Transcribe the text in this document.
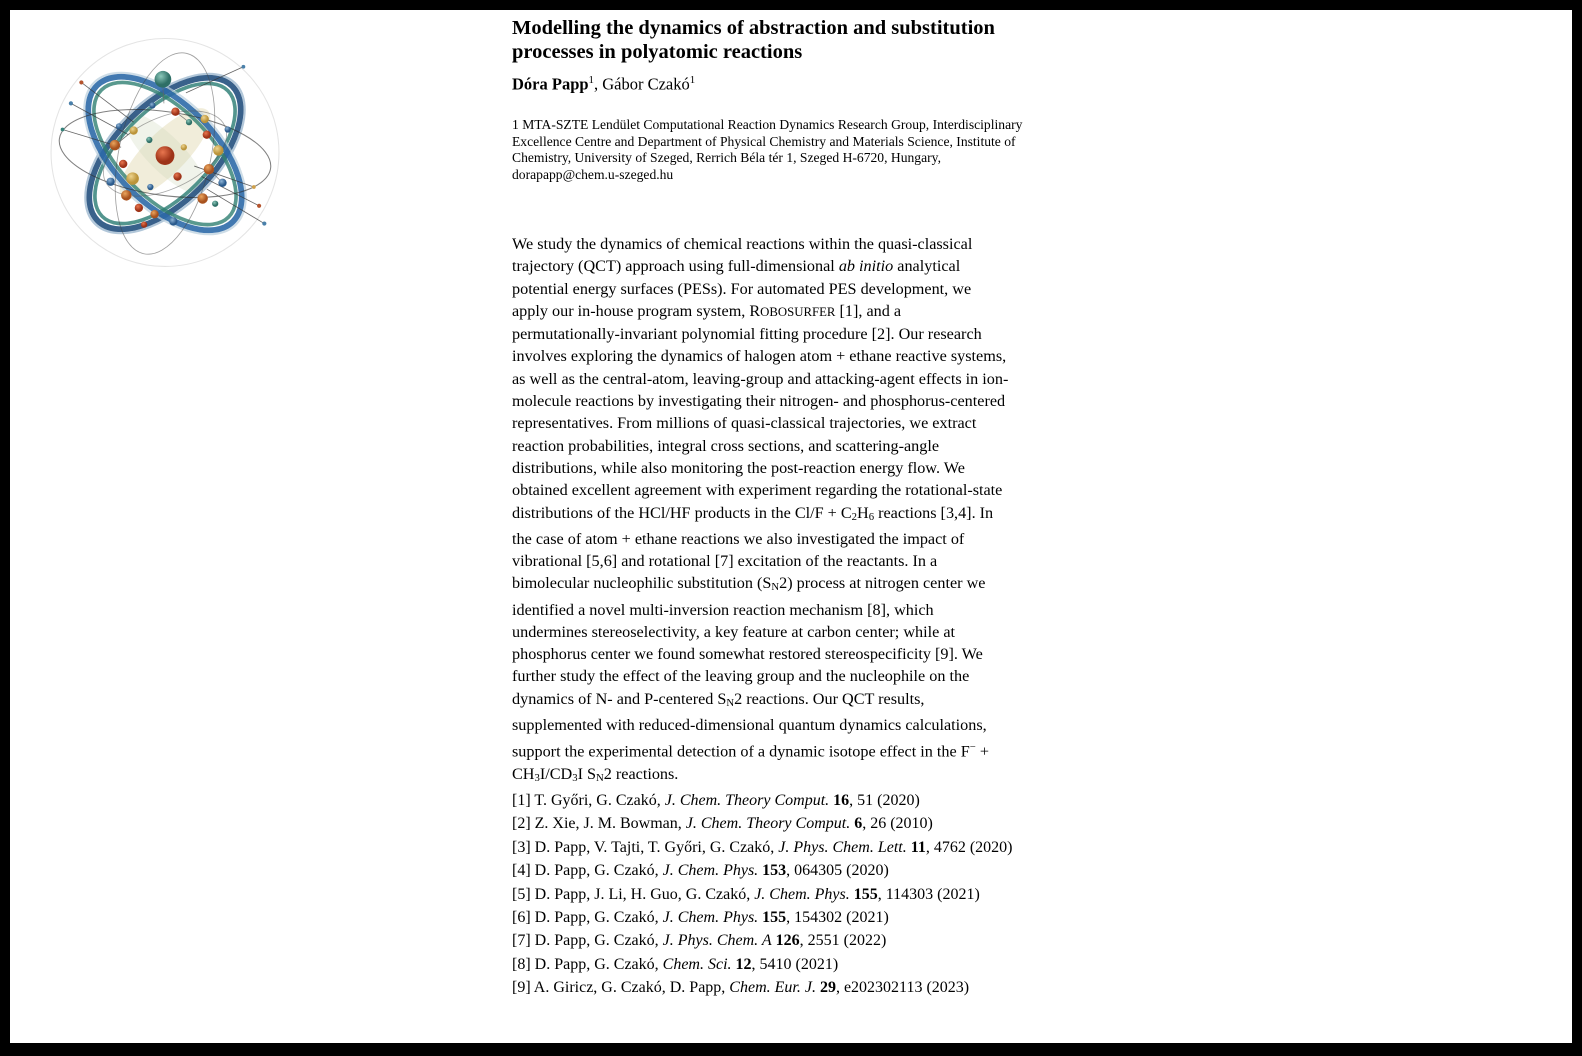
Modelling the dynamics of abstraction and substitution
processes in polyatomic reactions
Dóra Papp$^1$, Gábor Czakó$^1$
1 MTA-SZTE Lendület Computational Reaction Dynamics Research Group, Interdisciplinary
Excellence Centre and Department of Physical Chemistry and Materials Science, Institute of
Chemistry, University of Szeged, Rerrich Béla tér 1, Szeged H-6720, Hungary,
dorapapp@chem.u-szeged.hu
We study the dynamics of chemical reactions within the quasi-classical
trajectory (QCT) approach using full-dimensional ab initio analytical
potential energy surfaces (PESs). For automated PES development, we
apply our in-house program system, ROBOSURFER [1], and a
permutationally-invariant polynomial fitting procedure [2]. Our research
involves exploring the dynamics of halogen atom + ethane reactive systems,
as well as the central-atom, leaving-group and attacking-agent effects in ion-
molecule reactions by investigating their nitrogen- and phosphorus-centered
representatives. From millions of quasi-classical trajectories, we extract
reaction probabilities, integral cross sections, and scattering-angle
distributions, while also monitoring the post-reaction energy flow. We
obtained excellent agreement with experiment regarding the rotational-state
distributions of the HCl/HF products in the Cl/F + C2H6 reactions [3,4]. In
the case of atom + ethane reactions we also investigated the impact of
vibrational [5,6] and rotational [7] excitation of the reactants. In a
bimolecular nucleophilic substitution (SN2) process at nitrogen center we
identified a novel multi-inversion reaction mechanism [8], which
undermines stereoselectivity, a key feature at carbon center; while at
phosphorus center we found somewhat restored stereospecificity [9]. We
further study the effect of the leaving group and the nucleophile on the
dynamics of N- and P-centered SN2 reactions. Our QCT results,
supplemented with reduced-dimensional quantum dynamics calculations,
support the experimental detection of a dynamic isotope effect in the F− +
CH3I/CD3I SN2 reactions.
[1] T. Győri, G. Czakó, J. Chem. Theory Comput. 16, 51 (2020)
[2] Z. Xie, J. M. Bowman, J. Chem. Theory Comput. 6, 26 (2010)
[3] D. Papp, V. Tajti, T. Győri, G. Czakó, J. Phys. Chem. Lett. 11, 4762 (2020)
[4] D. Papp, G. Czakó, J. Chem. Phys. 153, 064305 (2020)
[5] D. Papp, J. Li, H. Guo, G. Czakó, J. Chem. Phys. 155, 114303 (2021)
[6] D. Papp, G. Czakó, J. Chem. Phys. 155, 154302 (2021)
[7] D. Papp, G. Czakó, J. Phys. Chem. A 126, 2551 (2022)
[8] D. Papp, G. Czakó, Chem. Sci. 12, 5410 (2021)
[9] A. Giricz, G. Czakó, D. Papp, Chem. Eur. J. 29, e202302113 (2023)
